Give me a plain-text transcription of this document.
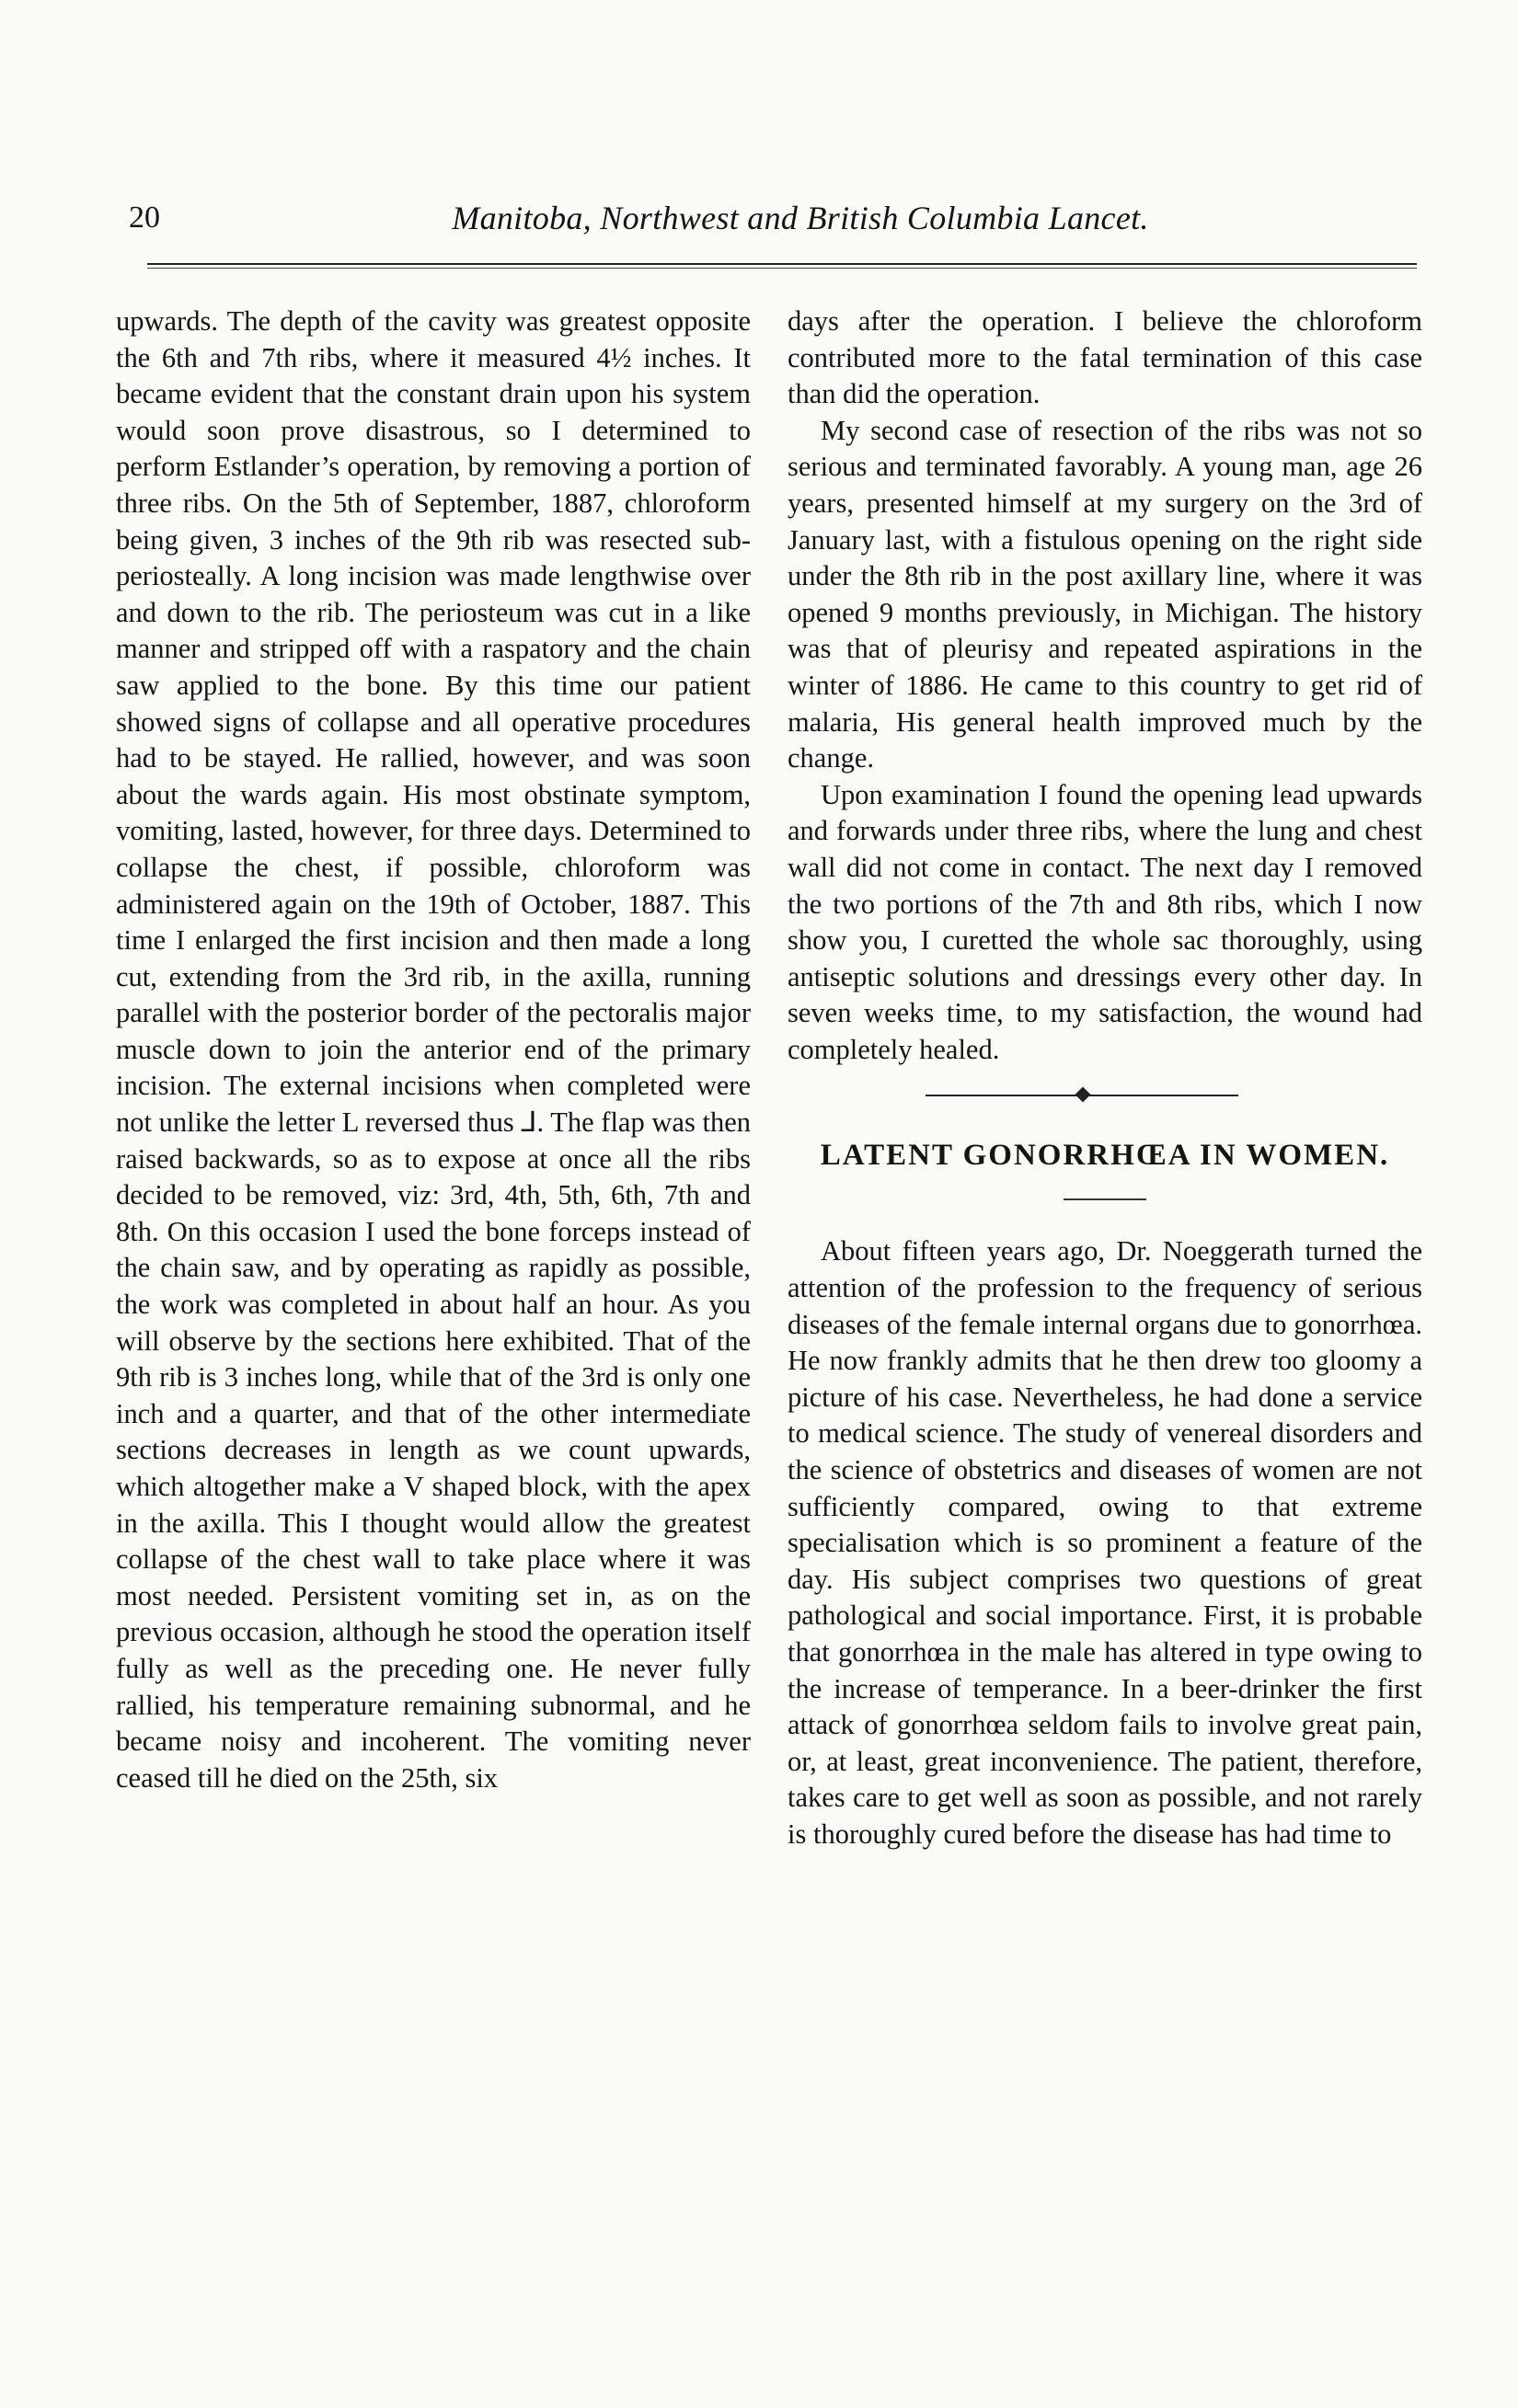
20	Manitoba, Northwest and British Columbia Lancet.

upwards. The depth of the cavity was greatest opposite the 6th and 7th ribs, where it measured 4½ inches. It became evident that the constant drain upon his system would soon prove disastrous, so I determined to perform Estlander’s operation, by removing a portion of three ribs. On the 5th of September, 1887, chloroform being given, 3 inches of the 9th rib was resected sub-periosteally. A long incision was made lengthwise over and down to the rib. The periosteum was cut in a like manner and stripped off with a raspatory and the chain saw applied to the bone. By this time our patient showed signs of collapse and all operative procedures had to be stayed. He rallied, however, and was soon about the wards again. His most obstinate symptom, vomiting, lasted, however, for three days. Determined to collapse the chest, if possible, chloroform was administered again on the 19th of October, 1887. This time I enlarged the first incision and then made a long cut, extending from the 3rd rib, in the axilla, running parallel with the posterior border of the pectoralis major muscle down to join the anterior end of the primary incision. The external incisions when completed were not unlike the letter L reversed thus ⅃. The flap was then raised backwards, so as to expose at once all the ribs decided to be removed, viz: 3rd, 4th, 5th, 6th, 7th and 8th. On this occasion I used the bone forceps instead of the chain saw, and by operating as rapidly as possible, the work was completed in about half an hour. As you will observe by the sections here exhibited. That of the 9th rib is 3 inches long, while that of the 3rd is only one inch and a quarter, and that of the other intermediate sections decreases in length as we count upwards, which altogether make a V shaped block, with the apex in the axilla. This I thought would allow the greatest collapse of the chest wall to take place where it was most needed. Persistent vomiting set in, as on the previous occasion, although he stood the operation itself fully as well as the preceding one. He never fully rallied, his temperature remaining subnormal, and he became noisy and incoherent. The vomiting never ceased till he died on the 25th, six

days after the operation. I believe the chloroform contributed more to the fatal termination of this case than did the operation.

My second case of resection of the ribs was not so serious and terminated favorably. A young man, age 26 years, presented himself at my surgery on the 3rd of January last, with a fistulous opening on the right side under the 8th rib in the post axillary line, where it was opened 9 months previously, in Michigan. The history was that of pleurisy and repeated aspirations in the winter of 1886. He came to this country to get rid of malaria, His general health improved much by the change.

Upon examination I found the opening lead upwards and forwards under three ribs, where the lung and chest wall did not come in contact. The next day I removed the two portions of the 7th and 8th ribs, which I now show you, I curetted the whole sac thoroughly, using antiseptic solutions and dressings every other day. In seven weeks time, to my satisfaction, the wound had completely healed.

LATENT GONORRHŒA IN WOMEN.

About fifteen years ago, Dr. Noeggerath turned the attention of the profession to the frequency of serious diseases of the female internal organs due to gonorrhœa. He now frankly admits that he then drew too gloomy a picture of his case. Nevertheless, he had done a service to medical science. The study of venereal disorders and the science of obstetrics and diseases of women are not sufficiently compared, owing to that extreme specialisation which is so prominent a feature of the day. His subject comprises two questions of great pathological and social importance. First, it is probable that gonorrhœa in the male has altered in type owing to the increase of temperance. In a beer-drinker the first attack of gonorrhœa seldom fails to involve great pain, or, at least, great inconvenience. The patient, therefore, takes care to get well as soon as possible, and not rarely is thoroughly cured before the disease has had time to
